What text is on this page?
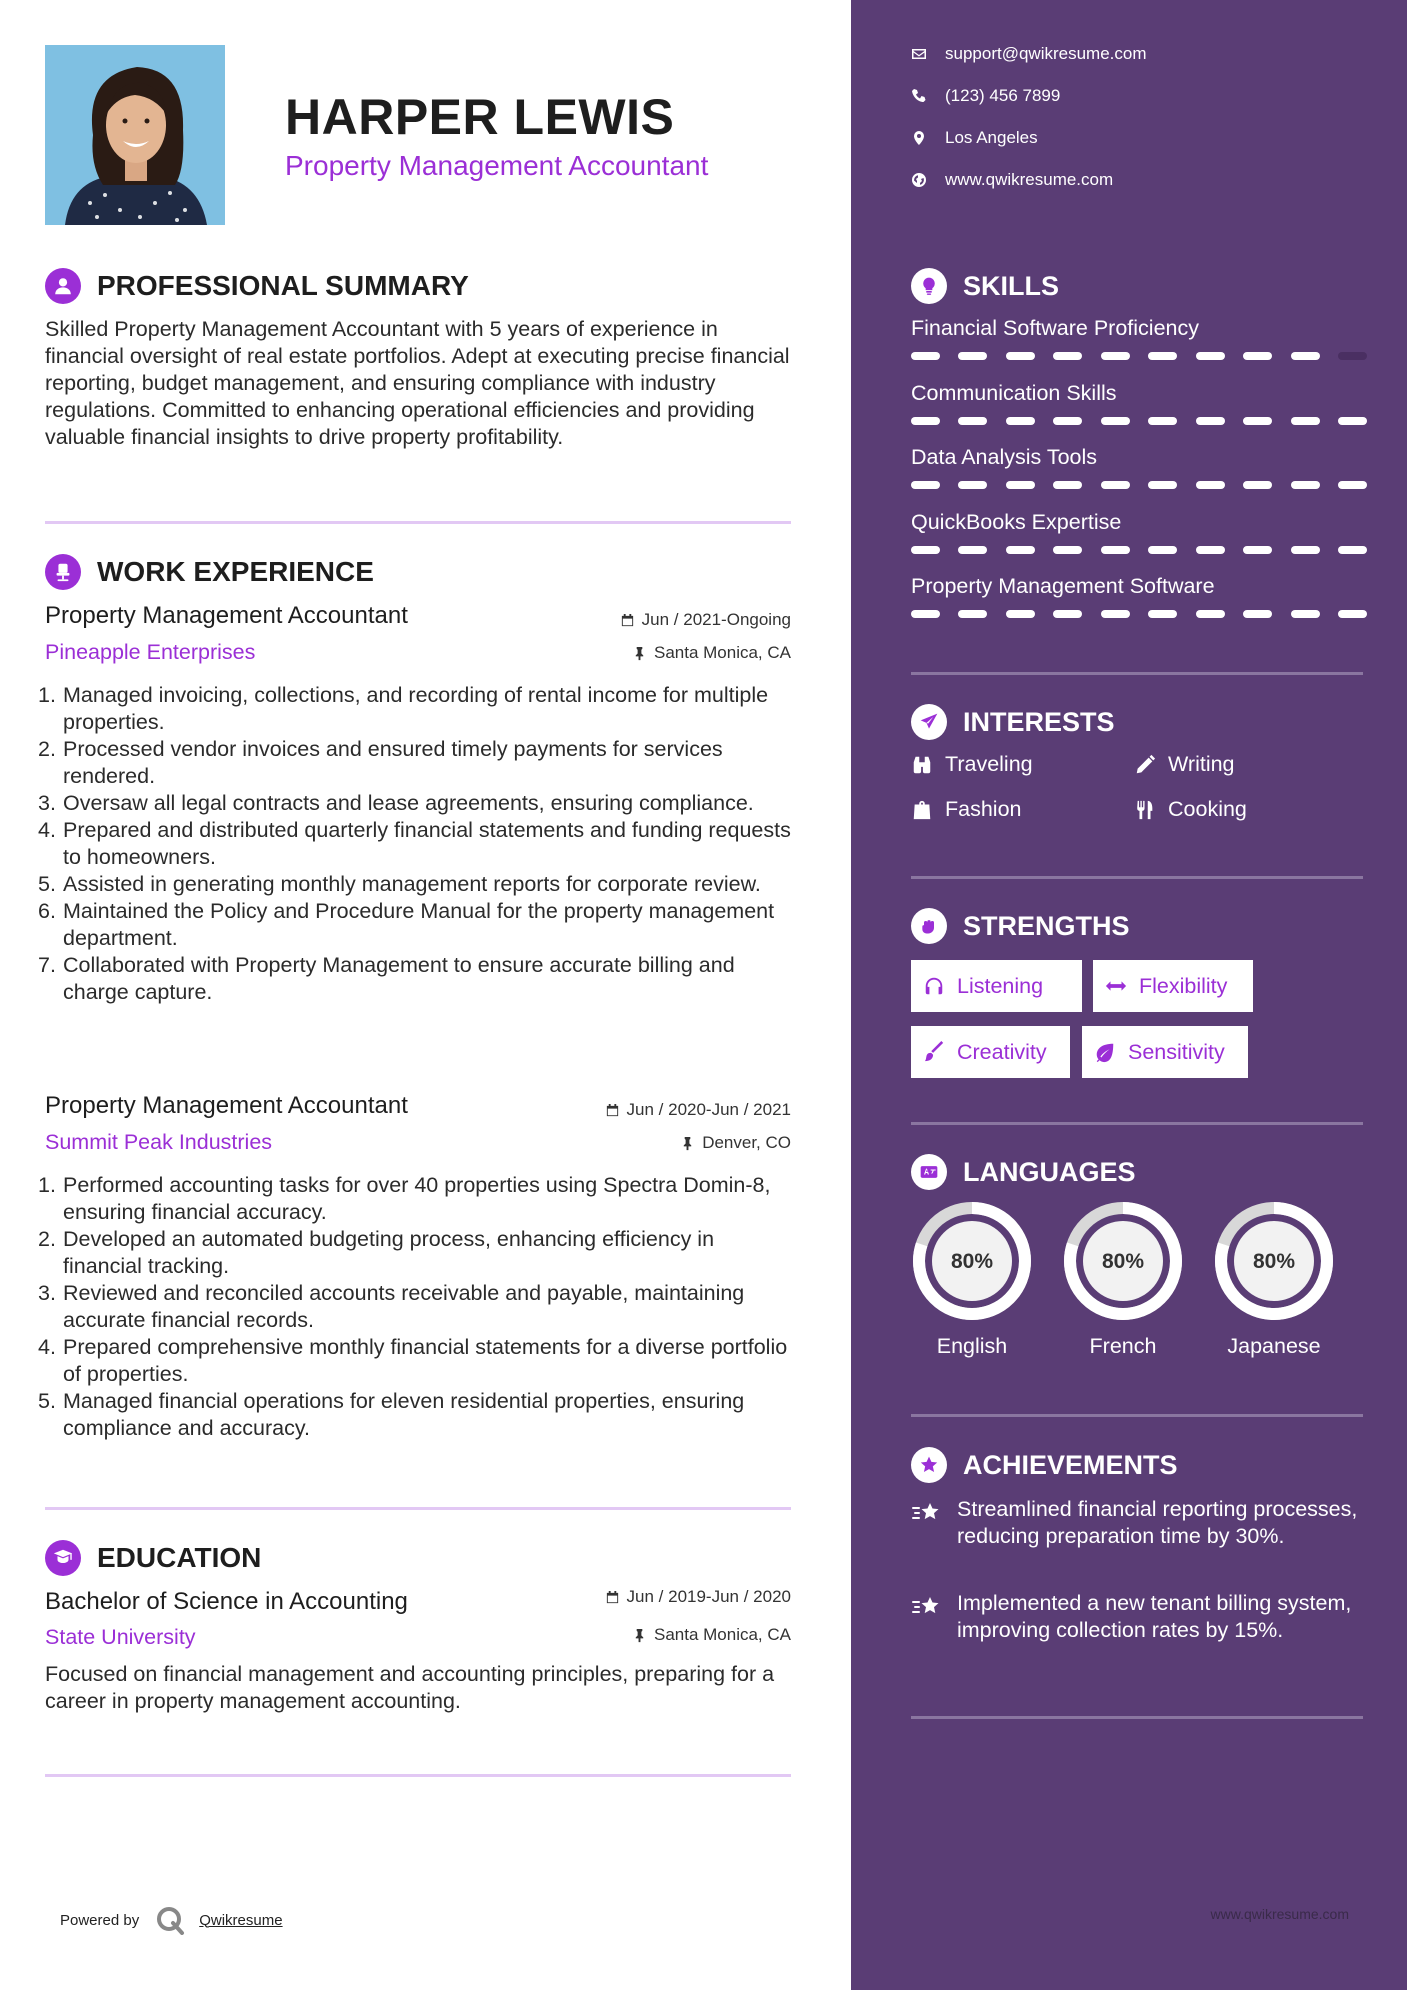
HARPER LEWIS
Property Management Accountant
PROFESSIONAL SUMMARY
Skilled Property Management Accountant with 5 years of experience in financial oversight of real estate portfolios. Adept at executing precise financial reporting, budget management, and ensuring compliance with industry regulations. Committed to enhancing operational efficiencies and providing valuable financial insights to drive property profitability.
WORK EXPERIENCE
Property Management Accountant	Jun / 2021-Ongoing
Pineapple Enterprises	Santa Monica, CA
1. Managed invoicing, collections, and recording of rental income for multiple properties.
2. Processed vendor invoices and ensured timely payments for services rendered.
3. Oversaw all legal contracts and lease agreements, ensuring compliance.
4. Prepared and distributed quarterly financial statements and funding requests to homeowners.
5. Assisted in generating monthly management reports for corporate review.
6. Maintained the Policy and Procedure Manual for the property management department.
7. Collaborated with Property Management to ensure accurate billing and charge capture.
Property Management Accountant	Jun / 2020-Jun / 2021
Summit Peak Industries	Denver, CO
1. Performed accounting tasks for over 40 properties using Spectra Domin-8, ensuring financial accuracy.
2. Developed an automated budgeting process, enhancing efficiency in financial tracking.
3. Reviewed and reconciled accounts receivable and payable, maintaining accurate financial records.
4. Prepared comprehensive monthly financial statements for a diverse portfolio of properties.
5. Managed financial operations for eleven residential properties, ensuring compliance and accuracy.
EDUCATION
Bachelor of Science in Accounting	Jun / 2019-Jun / 2020
State University	Santa Monica, CA
Focused on financial management and accounting principles, preparing for a career in property management accounting.
Powered by	Qwikresume
support@qwikresume.com
(123) 456 7899
Los Angeles
www.qwikresume.com
SKILLS
Financial Software Proficiency
Communication Skills
Data Analysis Tools
QuickBooks Expertise
Property Management Software
INTERESTS
Traveling	Writing
Fashion	Cooking
STRENGTHS
Listening	Flexibility
Creativity	Sensitivity
LANGUAGES
80%
English
80%
French
80%
Japanese
ACHIEVEMENTS
Streamlined financial reporting processes, reducing preparation time by 30%.
Implemented a new tenant billing system, improving collection rates by 15%.
www.qwikresume.com
